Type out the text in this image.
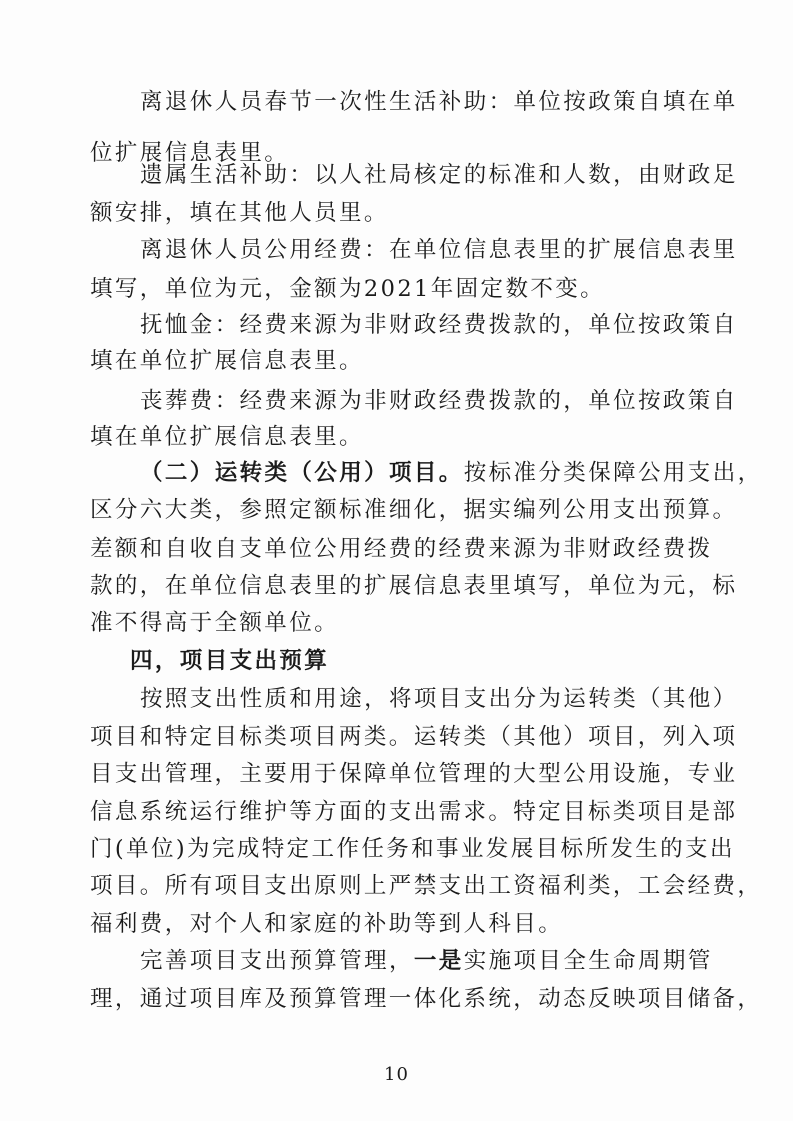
离退休人员春节一次性生活补助：单位按政策自填在单
位扩展信息表里。
遗属生活补助：以人社局核定的标准和人数，由财政足
额安排，填在其他人员里。
离退休人员公用经费：在单位信息表里的扩展信息表里
填写，单位为元，金额为2021年固定数不变。
抚恤金：经费来源为非财政经费拨款的，单位按政策自
填在单位扩展信息表里。
丧葬费：经费来源为非财政经费拨款的，单位按政策自
填在单位扩展信息表里。
（二）运转类（公用）项目。按标准分类保障公用支出，
区分六大类，参照定额标准细化，据实编列公用支出预算。
差额和自收自支单位公用经费的经费来源为非财政经费拨
款的，在单位信息表里的扩展信息表里填写，单位为元，标
准不得高于全额单位。
四，项目支出预算
按照支出性质和用途，将项目支出分为运转类（其他）
项目和特定目标类项目两类。运转类（其他）项目，列入项
目支出管理，主要用于保障单位管理的大型公用设施，专业
信息系统运行维护等方面的支出需求。特定目标类项目是部
门(单位)为完成特定工作任务和事业发展目标所发生的支出
项目。所有项目支出原则上严禁支出工资福利类，工会经费，
福利费，对个人和家庭的补助等到人科目。
完善项目支出预算管理，一是实施项目全生命周期管
理，通过项目库及预算管理一体化系统，动态反映项目储备，
10
